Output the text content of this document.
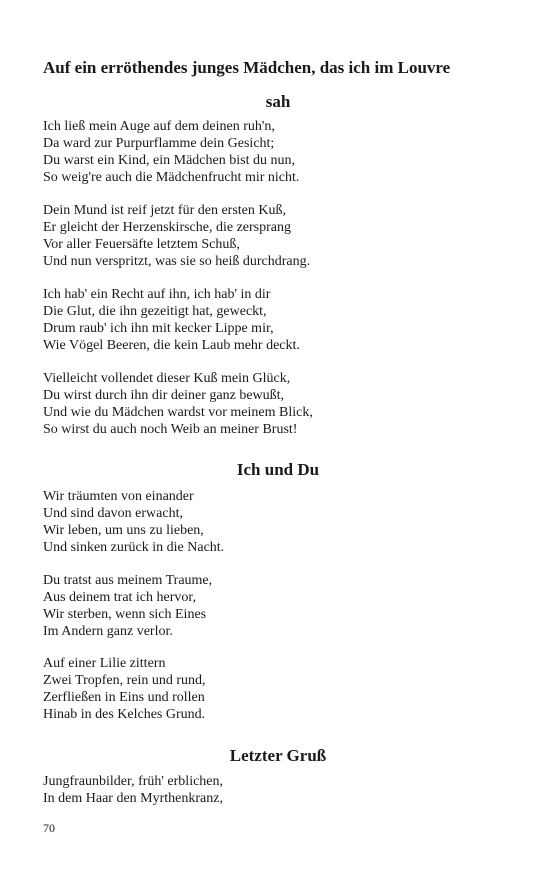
Auf ein erröthendes junges Mädchen, das ich im Louvre
sah
Ich ließ mein Auge auf dem deinen ruh'n,
Da ward zur Purpurflamme dein Gesicht;
Du warst ein Kind, ein Mädchen bist du nun,
So weig're auch die Mädchenfrucht mir nicht.
Dein Mund ist reif jetzt für den ersten Kuß,
Er gleicht der Herzenskirsche, die zersprang
Vor aller Feuersäfte letztem Schuß,
Und nun verspritzt, was sie so heiß durchdrang.
Ich hab' ein Recht auf ihn, ich hab' in dir
Die Glut, die ihn gezeitigt hat, geweckt,
Drum raub' ich ihn mit kecker Lippe mir,
Wie Vögel Beeren, die kein Laub mehr deckt.
Vielleicht vollendet dieser Kuß mein Glück,
Du wirst durch ihn dir deiner ganz bewußt,
Und wie du Mädchen wardst vor meinem Blick,
So wirst du auch noch Weib an meiner Brust!
Ich und Du
Wir träumten von einander
Und sind davon erwacht,
Wir leben, um uns zu lieben,
Und sinken zurück in die Nacht.
Du tratst aus meinem Traume,
Aus deinem trat ich hervor,
Wir sterben, wenn sich Eines
Im Andern ganz verlor.
Auf einer Lilie zittern
Zwei Tropfen, rein und rund,
Zerfließen in Eins und rollen
Hinab in des Kelches Grund.
Letzter Gruß
Jungfraunbilder, früh' erblichen,
In dem Haar den Myrthenkranz,
70
